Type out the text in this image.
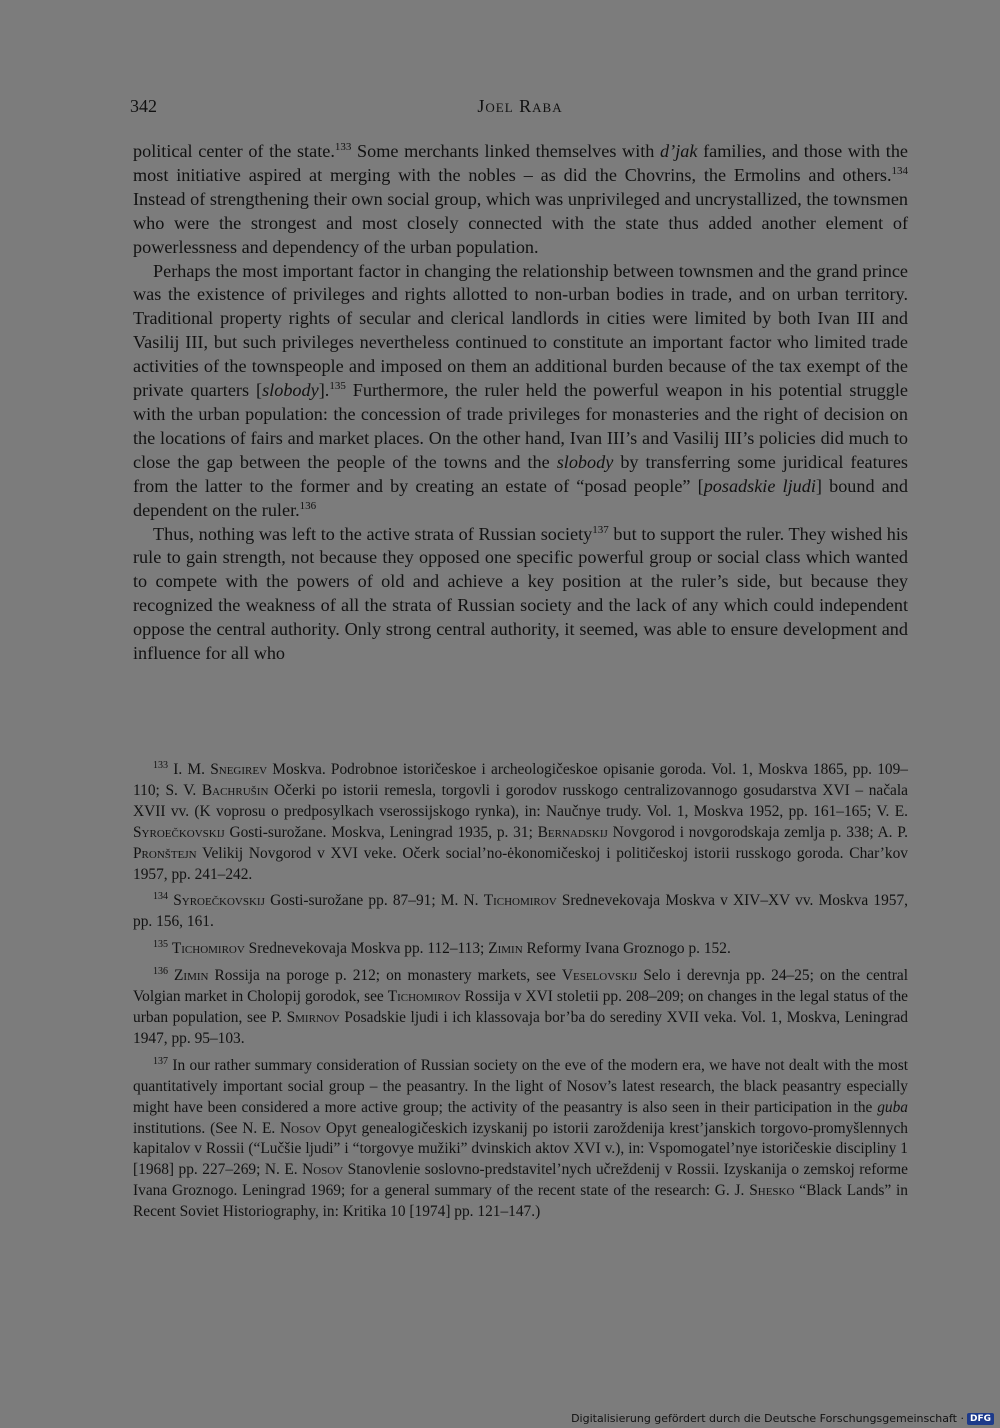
342	Joel Raba

political center of the state.$^{133}$ Some merchants linked themselves with d’jak families, and those with the most initiative aspired at merging with the nobles – as did the Chovrins, the Ermolins and others.$^{134}$ Instead of strengthening their own social group, which was unprivileged and uncrystallized, the townsmen who were the strongest and most closely connected with the state thus added another element of powerlessness and dependency of the urban population.

Perhaps the most important factor in changing the relationship between townsmen and the grand prince was the existence of privileges and rights allotted to non-urban bodies in trade, and on urban territory. Traditional property rights of secular and clerical landlords in cities were limited by both Ivan III and Vasilij III, but such privileges nevertheless continued to constitute an important factor who limited trade activities of the townspeople and imposed on them an additional burden because of the tax exempt of the private quarters [slobody].$^{135}$ Furthermore, the ruler held the powerful weapon in his potential struggle with the urban population: the concession of trade privileges for monasteries and the right of decision on the locations of fairs and market places. On the other hand, Ivan III’s and Vasilij III’s policies did much to close the gap between the people of the towns and the slobody by transferring some juridical features from the latter to the former and by creating an estate of “posad people” [posadskie ljudi] bound and dependent on the ruler.$^{136}$

Thus, nothing was left to the active strata of Russian society$^{137}$ but to support the ruler. They wished his rule to gain strength, not because they opposed one specific powerful group or social class which wanted to compete with the powers of old and achieve a key position at the ruler’s side, but because they recognized the weakness of all the strata of Russian society and the lack of any which could independent oppose the central authority. Only strong central authority, it seemed, was able to ensure development and influence for all who

$^{133}$ I. M. Snegirev Moskva. Podrobnoe istoričeskoe i archeologičeskoe opisanie goroda. Vol. 1, Moskva 1865, pp. 109–110; S. V. Bachrušin Očerki po istorii remesla, torgovli i gorodov russkogo centralizovannogo gosudarstva XVI – načala XVII vv. (K voprosu o predposylkach vserossijskogo rynka), in: Naučnye trudy. Vol. 1, Moskva 1952, pp. 161–165; V. E. Syroečkovskij Gosti-surožane. Moskva, Leningrad 1935, p. 31; Bernadskij Novgorod i novgorodskaja zemlja p. 338; A. P. Pronštejn Velikij Novgorod v XVI veke. Očerk social’no-ėkonomičeskoj i političeskoj istorii russkogo goroda. Char’kov 1957, pp. 241–242.

$^{134}$ Syroečkovskij Gosti-surožane pp. 87–91; M. N. Tichomirov Srednevekovaja Moskva v XIV–XV vv. Moskva 1957, pp. 156, 161.

$^{135}$ Tichomirov Srednevekovaja Moskva pp. 112–113; Zimin Reformy Ivana Groznogo p. 152.

$^{136}$ Zimin Rossija na poroge p. 212; on monastery markets, see Veselovskij Selo i derevnja pp. 24–25; on the central Volgian market in Cholopij gorodok, see Tichomirov Rossija v XVI stoletii pp. 208–209; on changes in the legal status of the urban population, see P. Smirnov Posadskie ljudi i ich klassovaja bor’ba do serediny XVII veka. Vol. 1, Moskva, Leningrad 1947, pp. 95–103.

$^{137}$ In our rather summary consideration of Russian society on the eve of the modern era, we have not dealt with the most quantitatively important social group – the peasantry. In the light of Nosov’s latest research, the black peasantry especially might have been considered a more active group; the activity of the peasantry is also seen in their participation in the guba institutions. (See N. E. Nosov Opyt genealogičeskich izyskanij po istorii zaroždenija krest’janskich torgovo-promyšlennych kapitalov v Rossii (“Lučšie ljudi” i “torgovye mužiki” dvinskich aktov XVI v.), in: Vspomogatel’nye istoričeskie discipliny 1 [1968] pp. 227–269; N. E. Nosov Stanovlenie soslovno-predstavitel’nych učreždenij v Rossii. Izyskanija o zemskoj reforme Ivana Groznogo. Leningrad 1969; for a general summary of the recent state of the research: G. J. Shesko “Black Lands” in Recent Soviet Historiography, in: Kritika 10 [1974] pp. 121–147.)

Digitalisierung gefördert durch die Deutsche Forschungsgemeinschaft · DFG
